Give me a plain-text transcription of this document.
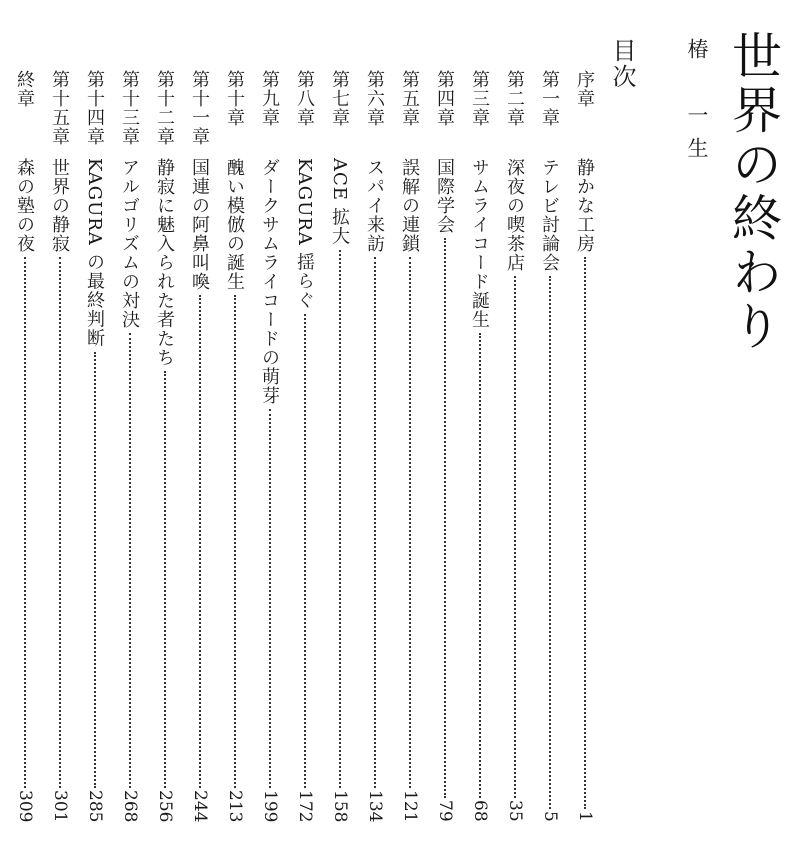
世界の終わり
椿　一生
目次
序章
静かな工房
1
第一章
テレビ討論会
5
第二章
深夜の喫茶店
35
第三章
サムライコード誕生
68
第四章
国際学会
79
第五章
誤解の連鎖
121
第六章
スパイ来訪
134
第七章
ACE 拡大
158
第八章
KAGURA 揺らぐ
172
第九章
ダークサムライコードの萌芽
199
第十章
醜い模倣の誕生
213
第十一章
国連の阿鼻叫喚
244
第十二章
静寂に魅入られた者たち
256
第十三章
アルゴリズムの対決
268
第十四章
KAGURA の最終判断
285
第十五章
世界の静寂
301
終章
森の塾の夜
309
